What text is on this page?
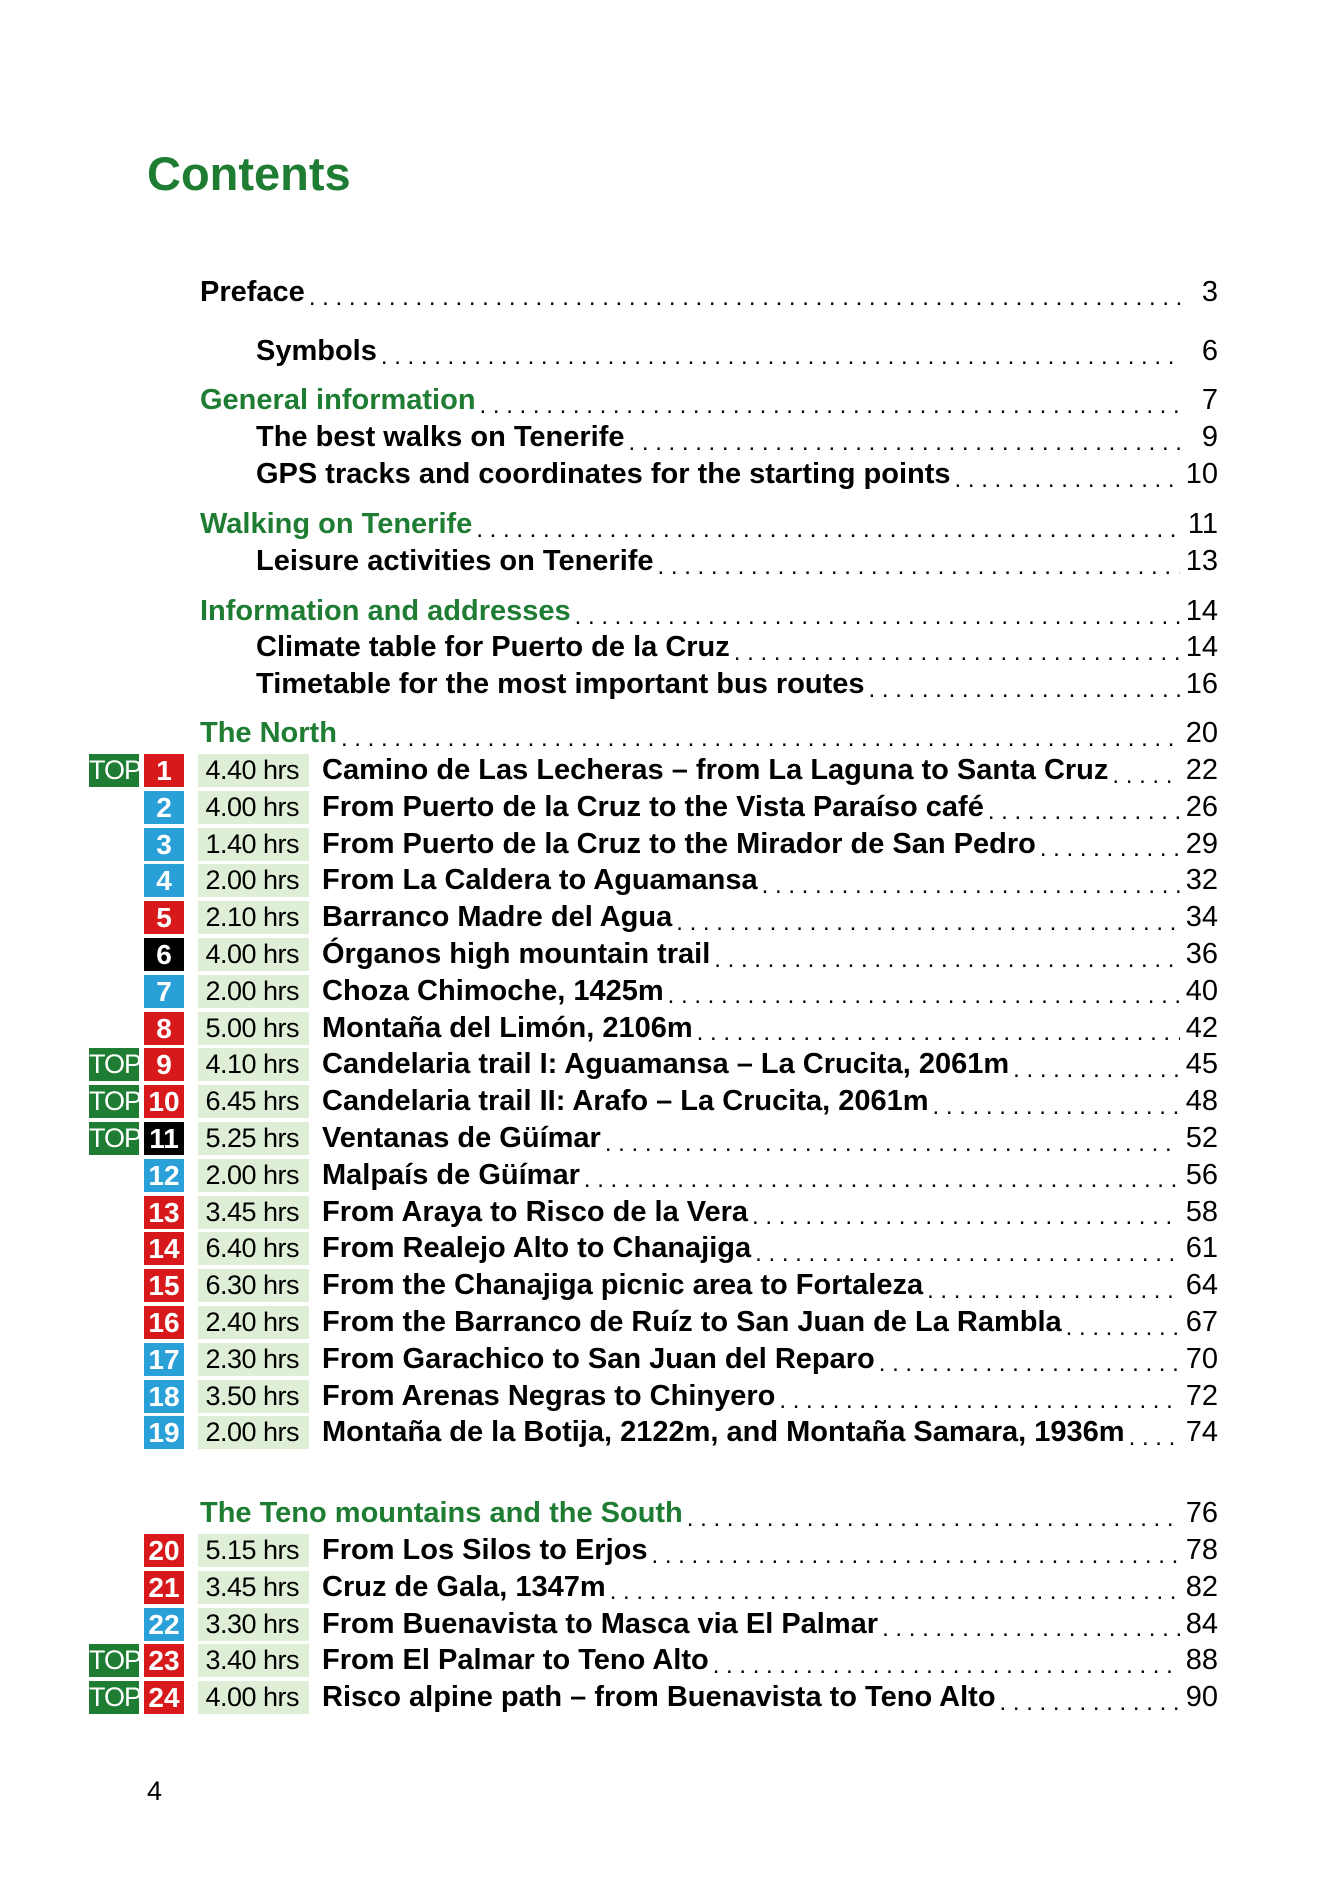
Contents
Preface . . .	3
Symbols . . .	6
General information . . .	7
The best walks on Tenerife . . .	9
GPS tracks and coordinates for the starting points . . .	10
Walking on Tenerife . . .	11
Leisure activities on Tenerife . . .	13
Information and addresses . . .	14
Climate table for Puerto de la Cruz . . .	14
Timetable for the most important bus routes . . .	16
The North . . .	20
TOP 1	4.40 hrs Camino de Las Lecheras – from La Laguna to Santa Cruz . . .	22
2	4.00 hrs From Puerto de la Cruz to the Vista Paraíso café . . .	26
3	1.40 hrs From Puerto de la Cruz to the Mirador de San Pedro . . .	29
4	2.00 hrs From La Caldera to Aguamansa . . .	32
5	2.10 hrs Barranco Madre del Agua . . .	34
6	4.00 hrs Órganos high mountain trail . . .	36
7	2.00 hrs Choza Chimoche, 1425m . . .	40
8	5.00 hrs Montaña del Limón, 2106m . . .	42
TOP 9	4.10 hrs Candelaria trail I: Aguamansa – La Crucita, 2061m . . .	45
TOP 10 6.45 hrs Candelaria trail II: Arafo – La Crucita, 2061m . . .	48
TOP 11 5.25 hrs Ventanas de Güímar . . .	52
12 2.00 hrs Malpaís de Güímar . . .	56
13 3.45 hrs From Araya to Risco de la Vera . . .	58
14 6.40 hrs From Realejo Alto to Chanajiga . . .	61
15 6.30 hrs From the Chanajiga picnic area to Fortaleza . . .	64
16 2.40 hrs From the Barranco de Ruíz to San Juan de La Rambla . . .	67
17 2.30 hrs From Garachico to San Juan del Reparo . . .	70
18 3.50 hrs From Arenas Negras to Chinyero . . .	72
19 2.00 hrs Montaña de la Botija, 2122m, and Montaña Samara, 1936m . . . 74
The Teno mountains and the South . . .	76
20 5.15 hrs From Los Silos to Erjos . . .	78
21 3.45 hrs Cruz de Gala, 1347m . . .	82
22 3.30 hrs From Buenavista to Masca via El Palmar . . .	84
TOP 23 3.40 hrs From El Palmar to Teno Alto . . .	88
TOP 24 4.00 hrs Risco alpine path – from Buenavista to Teno Alto . . .	90
4
